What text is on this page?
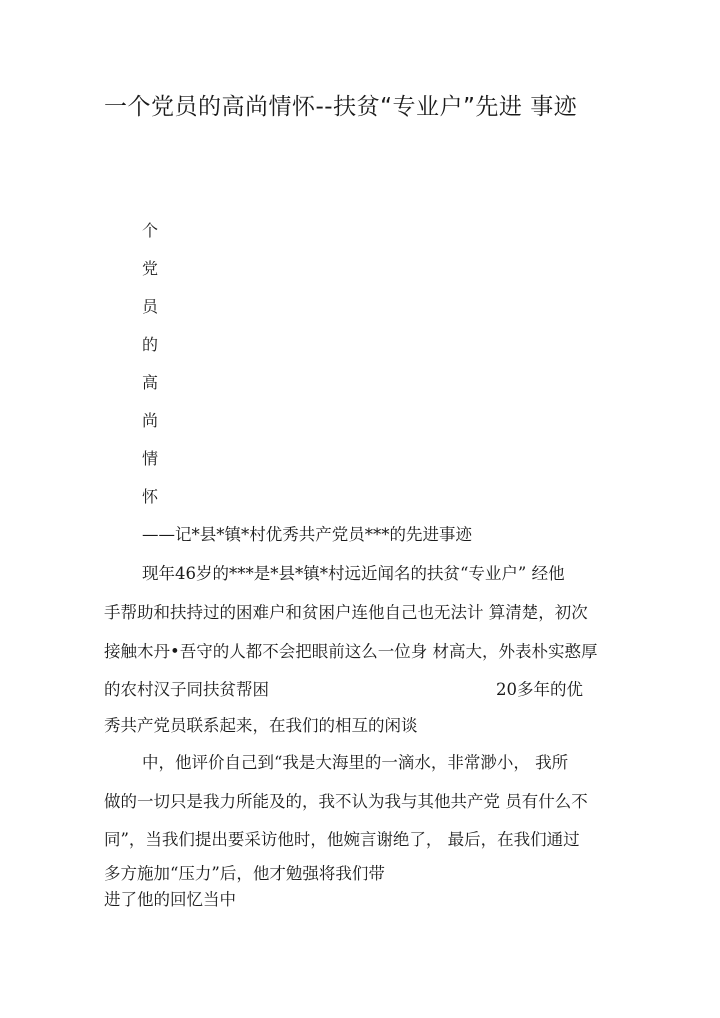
一个党员的高尚情怀--扶贫“专业户”先进 事迹
个
党
员
的
高
尚
情
怀
——记*县*镇*村优秀共产党员***的先进事迹
现年46岁的***是*县*镇*村远近闻名的扶贫“专业户” 经他
手帮助和扶持过的困难户和贫困户连他自己也无法计 算清楚，初次
接触木丹•吾守的人都不会把眼前这么一位身 材高大，外表朴实憨厚
的农村汉子同扶贫帮困	20多年的优
秀共产党员联系起来，在我们的相互的闲谈
中，他评价自己到“我是大海里的一滴水，非常渺小， 我所
做的一切只是我力所能及的，我不认为我与其他共产党 员有什么不
同”，当我们提出要采访他时，他婉言谢绝了， 最后，在我们通过
多方施加“压力”后，他才勉强将我们带
进了他的回忆当中
